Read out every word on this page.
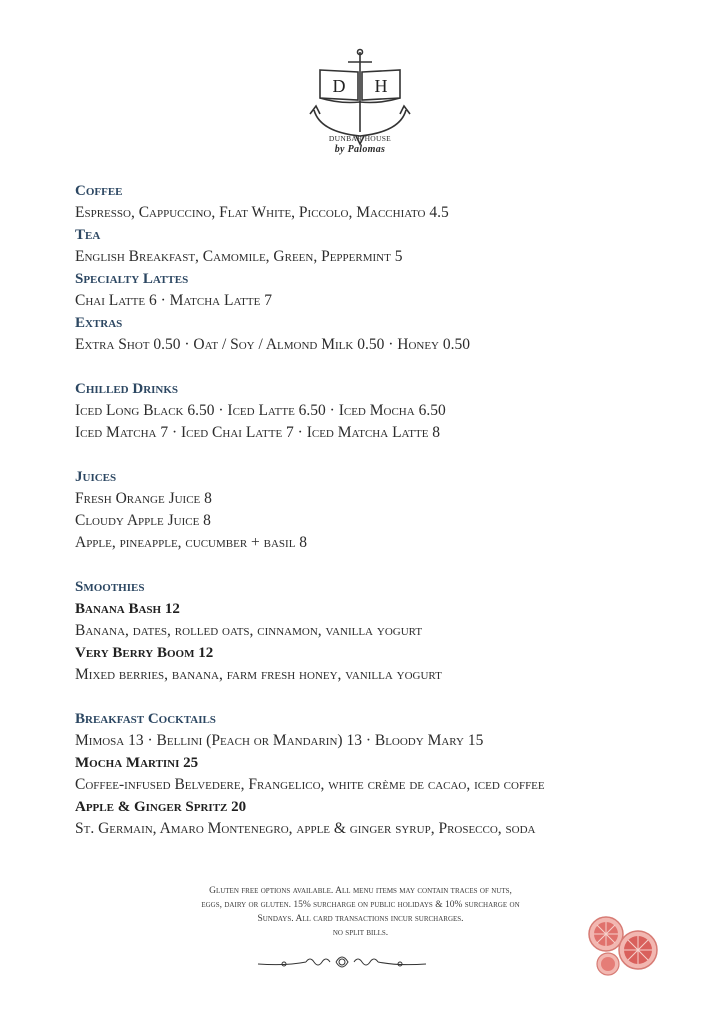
D H
DUNBAR HOUSE
by Palomas

Coffee

Espresso, Cappuccino, Flat White, Piccolo, Macchiato 4.5

Tea

English Breakfast, Camomile, Green, Peppermint 5

Specialty Lattes

Chai Latte 6 · Matcha Latte 7

Extras

Extra Shot 0.50 · Oat / Soy / Almond Milk 0.50 · Honey 0.50

Chilled Drinks

Iced Long Black 6.50 · Iced Latte 6.50 · Iced Mocha 6.50

Iced Matcha 7 · Iced Chai Latte 7 · Iced Matcha Latte 8

Juices

Fresh Orange Juice 8

Cloudy Apple Juice 8

Apple, pineapple, cucumber + basil 8

Smoothies

Banana Bash 12

Banana, dates, rolled oats, cinnamon, vanilla yogurt

Very Berry Boom 12

Mixed berries, banana, farm fresh honey, vanilla yogurt

Breakfast Cocktails

Mimosa 13 · Bellini (Peach or Mandarin) 13 · Bloody Mary 15

Mocha Martini 25

Coffee-infused Belvedere, Frangelico, white crème de cacao, iced coffee

Apple & Ginger Spritz 20

St. Germain, Amaro Montenegro, apple & ginger syrup, Prosecco, soda

Gluten free options available. All menu items may contain traces of nuts,

eggs, dairy or gluten. 15% surcharge on public holidays & 10% surcharge on

Sundays. All card transactions incur surcharges.

no split bills.
